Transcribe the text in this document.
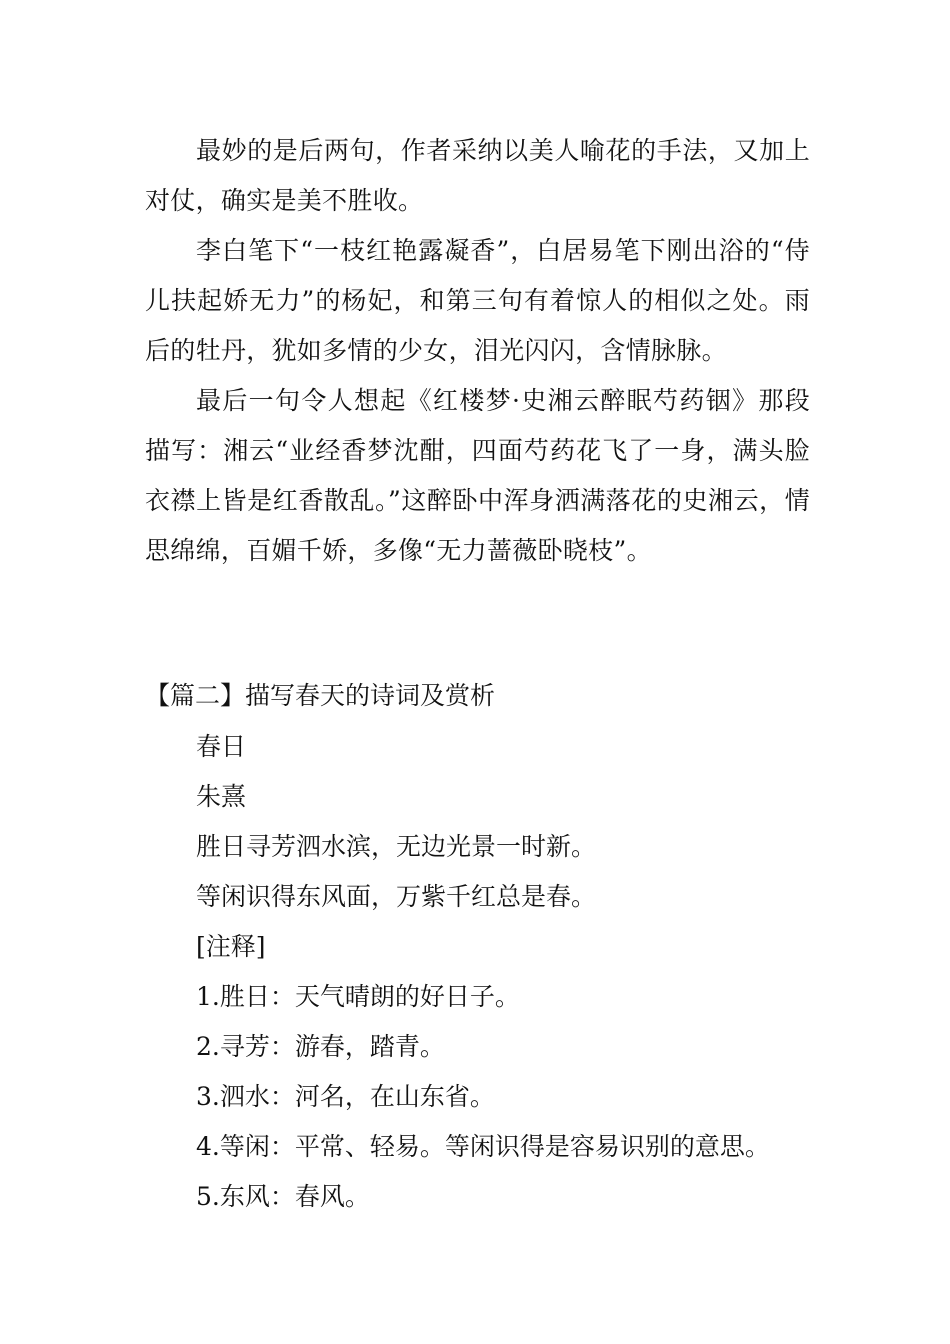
最妙的是后两句，作者采纳以美人喻花的手法，又加上对仗，确实是美不胜收。

李白笔下“一枝红艳露凝香”，白居易笔下刚出浴的“侍儿扶起娇无力”的杨妃，和第三句有着惊人的相似之处。雨后的牡丹，犹如多情的少女，泪光闪闪，含情脉脉。

最后一句令人想起《红楼梦·史湘云醉眠芍药铟》那段描写：湘云“业经香梦沈酣，四面芍药花飞了一身，满头脸衣襟上皆是红香散乱。”这醉卧中浑身洒满落花的史湘云，情思绵绵，百媚千娇，多像“无力蔷薇卧晓枝”。

【篇二】描写春天的诗词及赏析

春日

朱熹

胜日寻芳泗水滨，无边光景一时新。

等闲识得东风面，万紫千红总是春。

[注释]

1.胜日：天气晴朗的好日子。

2.寻芳：游春，踏青。

3.泗水：河名，在山东省。

4.等闲：平常、轻易。等闲识得是容易识别的意思。

5.东风：春风。
